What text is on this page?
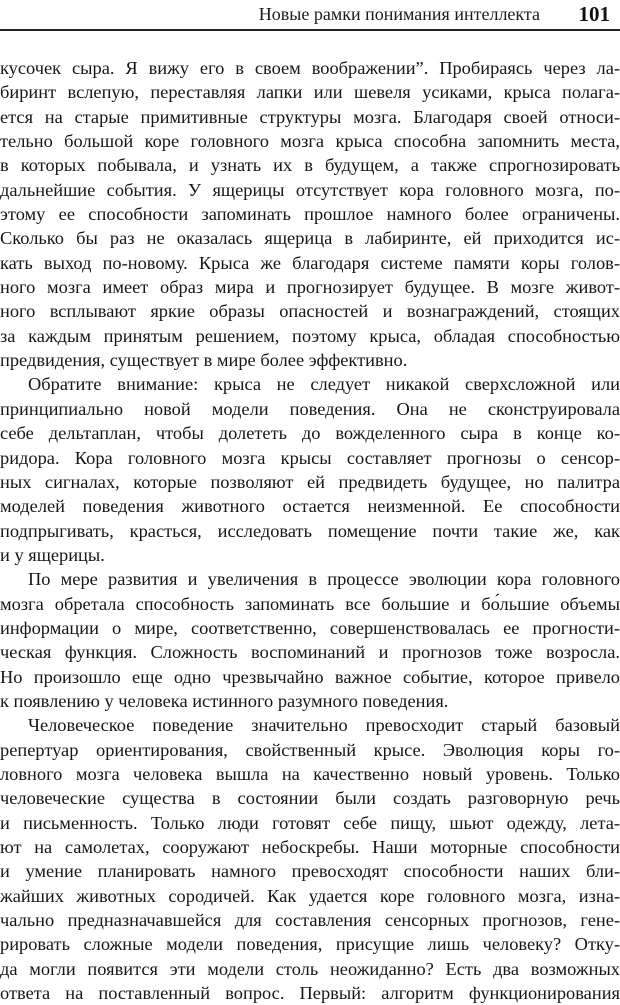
Новые рамки понимания интеллекта 101
кусочек сыра. Я вижу его в своем воображении”. Пробираясь через ла-
биринт вслепую, переставляя лапки или шевеля усиками, крыса полага-
ется на старые примитивные структуры мозга. Благодаря своей относи-
тельно большой коре головного мозга крыса способна запомнить места,
в которых побывала, и узнать их в будущем, а также спрогнозировать
дальнейшие события. У ящерицы отсутствует кора головного мозга, по-
этому ее способности запоминать прошлое намного более ограничены.
Сколько бы раз не оказалась ящерица в лабиринте, ей приходится ис-
кать выход по-новому. Крыса же благодаря системе памяти коры голов-
ного мозга имеет образ мира и прогнозирует будущее. В мозге живот-
ного всплывают яркие образы опасностей и вознаграждений, стоящих
за каждым принятым решением, поэтому крыса, обладая способностью
предвидения, существует в мире более эффективно.
Обратите внимание: крыса не следует никакой сверхсложной или
принципиально новой модели поведения. Она не сконструировала
себе дельтаплан, чтобы долететь до вожделенного сыра в конце ко-
ридора. Кора головного мозга крысы составляет прогнозы о сенсор-
ных сигналах, которые позволяют ей предвидеть будущее, но палитра
моделей поведения животного остается неизменной. Ее способности
подпрыгивать, красться, исследовать помещение почти такие же, как
и у ящерицы.
По мере развития и увеличения в процессе эволюции кора головного
мозга обретала способность запоминать все большие и бо́льшие объемы
информации о мире, соответственно, совершенствовалась ее прогности-
ческая функция. Сложность воспоминаний и прогнозов тоже возросла.
Но произошло еще одно чрезвычайно важное событие, которое привело
к появлению у человека истинного разумного поведения.
Человеческое поведение значительно превосходит старый базовый
репертуар ориентирования, свойственный крысе. Эволюция коры го-
ловного мозга человека вышла на качественно новый уровень. Только
человеческие существа в состоянии были создать разговорную речь
и письменность. Только люди готовят себе пищу, шьют одежду, лета-
ют на самолетах, сооружают небоскребы. Наши моторные способности
и умение планировать намного превосходят способности наших бли-
жайших животных сородичей. Как удается коре головного мозга, изна-
чально предназначавшейся для составления сенсорных прогнозов, гене-
рировать сложные модели поведения, присущие лишь человеку? Отку-
да могли появится эти модели столь неожиданно? Есть два возможных
ответа на поставленный вопрос. Первый: алгоритм функционирования
